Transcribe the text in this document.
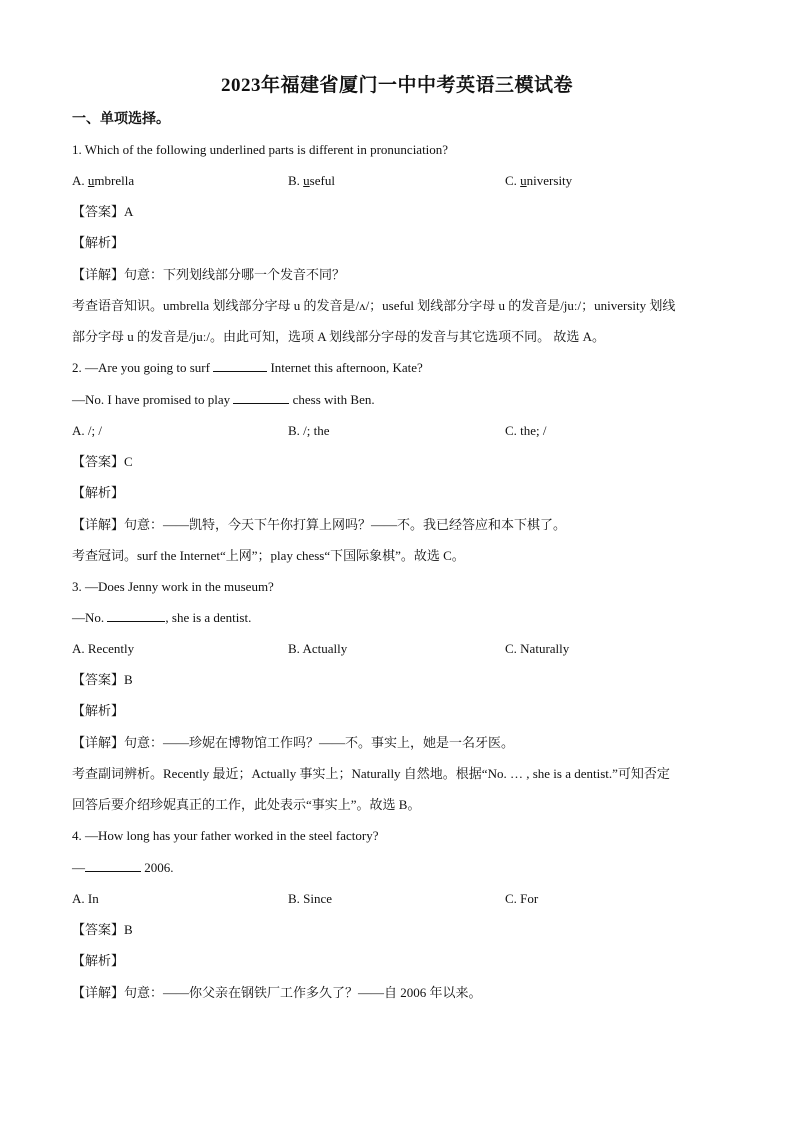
2023年福建省厦门一中中考英语三模试卷
一、单项选择。
1. Which of the following underlined parts is different in pronunciation?
A. umbrella	B. useful	C. university
【答案】A
【解析】
【详解】句意：下列划线部分哪一个发音不同？
考查语音知识。umbrella 划线部分字母 u 的发音是/ʌ/；useful 划线部分字母 u 的发音是/juː/；university 划线
部分字母 u 的发音是/juː/。由此可知，选项 A 划线部分字母的发音与其它选项不同。 故选 A。
2. —Are you going to surf	Internet this afternoon, Kate?
—No. I have promised to play	chess with Ben.
A. /; /	B. /; the	C. the; /
【答案】C
【解析】
【详解】句意：——凯特，今天下午你打算上网吗？——不。我已经答应和本下棋了。
考查冠词。surf the Internet“上网”；play chess“下国际象棋”。故选 C。
3. —Does Jenny work in the museum?
—No.	, she is a dentist.
A. Recently	B. Actually	C. Naturally
【答案】B
【解析】
【详解】句意：——珍妮在博物馆工作吗？——不。事实上，她是一名牙医。
考查副词辨析。Recently 最近；Actually 事实上；Naturally 自然地。根据“No. … , she is a dentist.”可知否定
回答后要介绍珍妮真正的工作，此处表示“事实上”。故选 B。
4. —How long has your father worked in the steel factory?
—	2006.
A. In	B. Since	C. For
【答案】B
【解析】
【详解】句意：——你父亲在钢铁厂工作多久了？——自 2006 年以来。
